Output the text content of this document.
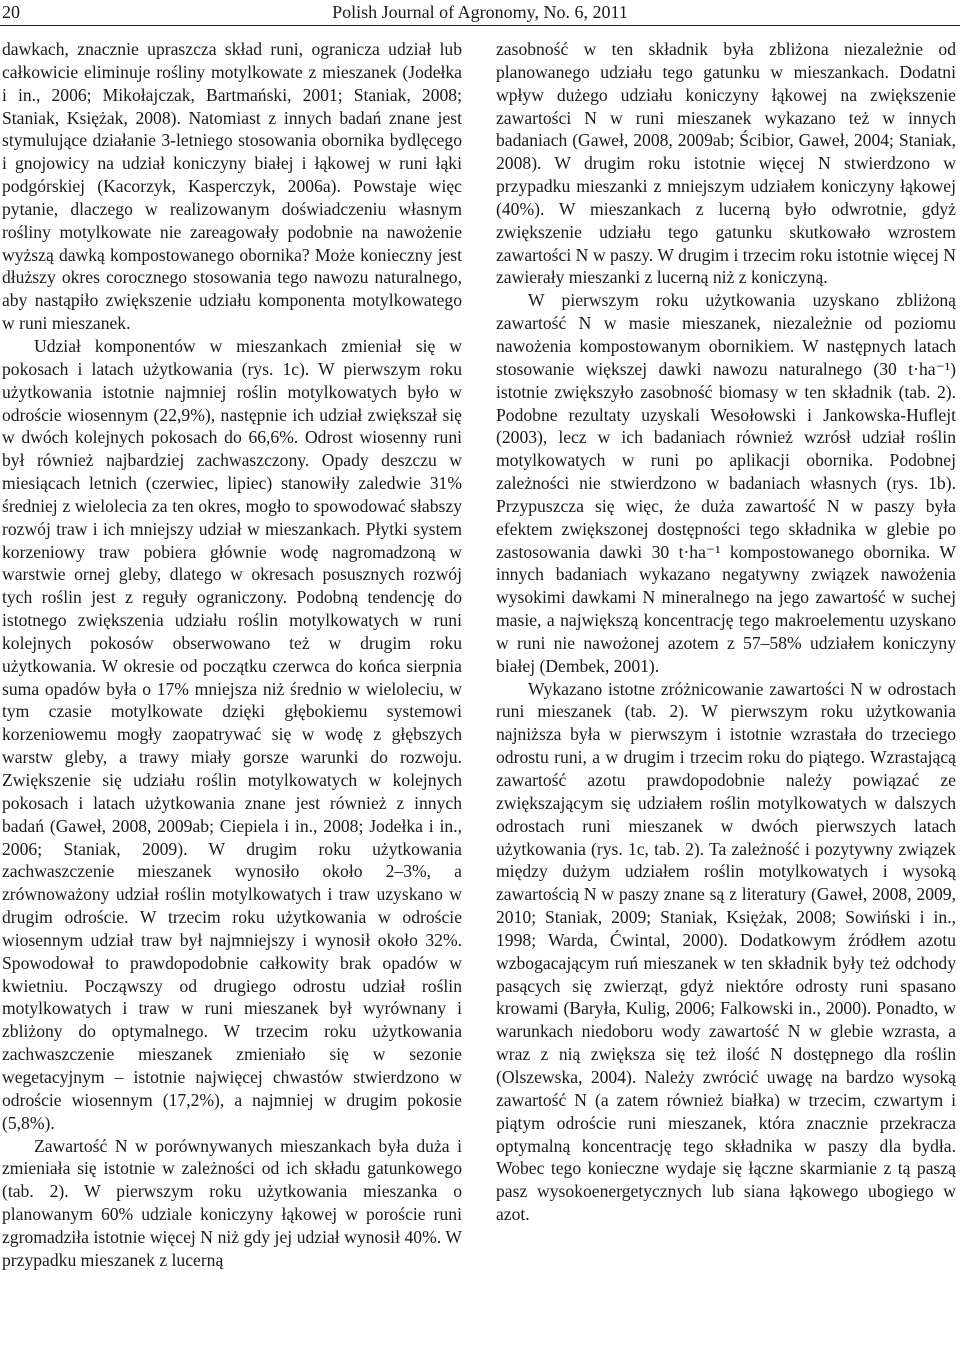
20	Polish Journal of Agronomy, No. 6, 2011

dawkach, znacznie upraszcza skład runi, ogranicza udział lub całkowicie eliminuje rośliny motylkowate z mieszanek (Jodełka i in., 2006; Mikołajczak, Bartmański, 2001; Staniak, 2008; Staniak, Księżak, 2008). Natomiast z innych badań znane jest stymulujące działanie 3-letniego stosowania obornika bydlęcego i gnojowicy na udział koniczyny białej i łąkowej w runi łąki podgórskiej (Kacorzyk, Kasperczyk, 2006a). Powstaje więc pytanie, dlaczego w realizowanym doświadczeniu własnym rośliny motylkowate nie zareagowały podobnie na nawożenie wyższą dawką kompostowanego obornika? Może konieczny jest dłuższy okres corocznego stosowania tego nawozu naturalnego, aby nastąpiło zwiększenie udziału komponenta motylkowatego w runi mieszanek.

Udział komponentów w mieszankach zmieniał się w pokosach i latach użytkowania (rys. 1c). W pierwszym roku użytkowania istotnie najmniej roślin motylkowatych było w odroście wiosennym (22,9%), następnie ich udział zwiększał się w dwóch kolejnych pokosach do 66,6%. Odrost wiosenny runi był również najbardziej zachwaszczony. Opady deszczu w miesiącach letnich (czerwiec, lipiec) stanowiły zaledwie 31% średniej z wielolecia za ten okres, mogło to spowodować słabszy rozwój traw i ich mniejszy udział w mieszankach. Płytki system korzeniowy traw pobiera głównie wodę nagromadzoną w warstwie ornej gleby, dlatego w okresach posusznych rozwój tych roślin jest z reguły ograniczony. Podobną tendencję do istotnego zwiększenia udziału roślin motylkowatych w runi kolejnych pokosów obserwowano też w drugim roku użytkowania. W okresie od początku czerwca do końca sierpnia suma opadów była o 17% mniejsza niż średnio w wieloleciu, w tym czasie motylkowate dzięki głębokiemu systemowi korzeniowemu mogły zaopatrywać się w wodę z głębszych warstw gleby, a trawy miały gorsze warunki do rozwoju. Zwiększenie się udziału roślin motylkowatych w kolejnych pokosach i latach użytkowania znane jest również z innych badań (Gaweł, 2008, 2009ab; Ciepiela i in., 2008; Jodełka i in., 2006; Staniak, 2009). W drugim roku użytkowania zachwaszczenie mieszanek wynosiło około 2–3%, a zrównoważony udział roślin motylkowatych i traw uzyskano w drugim odroście. W trzecim roku użytkowania w odroście wiosennym udział traw był najmniejszy i wynosił około 32%. Spowodował to prawdopodobnie całkowity brak opadów w kwietniu. Począwszy od drugiego odrostu udział roślin motylkowatych i traw w runi mieszanek był wyrównany i zbliżony do optymalnego. W trzecim roku użytkowania zachwaszczenie mieszanek zmieniało się w sezonie wegetacyjnym – istotnie najwięcej chwastów stwierdzono w odroście wiosennym (17,2%), a najmniej w drugim pokosie (5,8%).

Zawartość N w porównywanych mieszankach była duża i zmieniała się istotnie w zależności od ich składu gatunkowego (tab. 2). W pierwszym roku użytkowania mieszanka o planowanym 60% udziale koniczyny łąkowej w poroście runi zgromadziła istotnie więcej N niż gdy jej udział wynosił 40%. W przypadku mieszanek z lucerną

zasobność w ten składnik była zbliżona niezależnie od planowanego udziału tego gatunku w mieszankach. Dodatni wpływ dużego udziału koniczyny łąkowej na zwiększenie zawartości N w runi mieszanek wykazano też w innych badaniach (Gaweł, 2008, 2009ab; Ścibior, Gaweł, 2004; Staniak, 2008). W drugim roku istotnie więcej N stwierdzono w przypadku mieszanki z mniejszym udziałem koniczyny łąkowej (40%). W mieszankach z lucerną było odwrotnie, gdyż zwiększenie udziału tego gatunku skutkowało wzrostem zawartości N w paszy. W drugim i trzecim roku istotnie więcej N zawierały mieszanki z lucerną niż z koniczyną.

W pierwszym roku użytkowania uzyskano zbliżoną zawartość N w masie mieszanek, niezależnie od poziomu nawożenia kompostowanym obornikiem. W następnych latach stosowanie większej dawki nawozu naturalnego (30 t·ha⁻¹) istotnie zwiększyło zasobność biomasy w ten składnik (tab. 2). Podobne rezultaty uzyskali Wesołowski i Jankowska-Huflejt (2003), lecz w ich badaniach również wzrósł udział roślin motylkowatych w runi po aplikacji obornika. Podobnej zależności nie stwierdzono w badaniach własnych (rys. 1b). Przypuszcza się więc, że duża zawartość N w paszy była efektem zwiększonej dostępności tego składnika w glebie po zastosowania dawki 30 t·ha⁻¹ kompostowanego obornika. W innych badaniach wykazano negatywny związek nawożenia wysokimi dawkami N mineralnego na jego zawartość w suchej masie, a największą koncentrację tego makroelementu uzyskano w runi nie nawożonej azotem z 57–58% udziałem koniczyny białej (Dembek, 2001).

Wykazano istotne zróżnicowanie zawartości N w odrostach runi mieszanek (tab. 2). W pierwszym roku użytkowania najniższa była w pierwszym i istotnie wzrastała do trzeciego odrostu runi, a w drugim i trzecim roku do piątego. Wzrastającą zawartość azotu prawdopodobnie należy powiązać ze zwiększającym się udziałem roślin motylkowatych w dalszych odrostach runi mieszanek w dwóch pierwszych latach użytkowania (rys. 1c, tab. 2). Ta zależność i pozytywny związek między dużym udziałem roślin motylkowatych i wysoką zawartością N w paszy znane są z literatury (Gaweł, 2008, 2009, 2010; Staniak, 2009; Staniak, Księżak, 2008; Sowiński i in., 1998; Warda, Ćwintal, 2000). Dodatkowym źródłem azotu wzbogacającym ruń mieszanek w ten składnik były też odchody pasących się zwierząt, gdyż niektóre odrosty runi spasano krowami (Baryła, Kulig, 2006; Falkowski in., 2000). Ponadto, w warunkach niedoboru wody zawartość N w glebie wzrasta, a wraz z nią zwiększa się też ilość N dostępnego dla roślin (Olszewska, 2004). Należy zwrócić uwagę na bardzo wysoką zawartość N (a zatem również białka) w trzecim, czwartym i piątym odroście runi mieszanek, która znacznie przekracza optymalną koncentrację tego składnika w paszy dla bydła. Wobec tego konieczne wydaje się łączne skarmianie z tą paszą pasz wysokoenergetycznych lub siana łąkowego ubogiego w azot.
